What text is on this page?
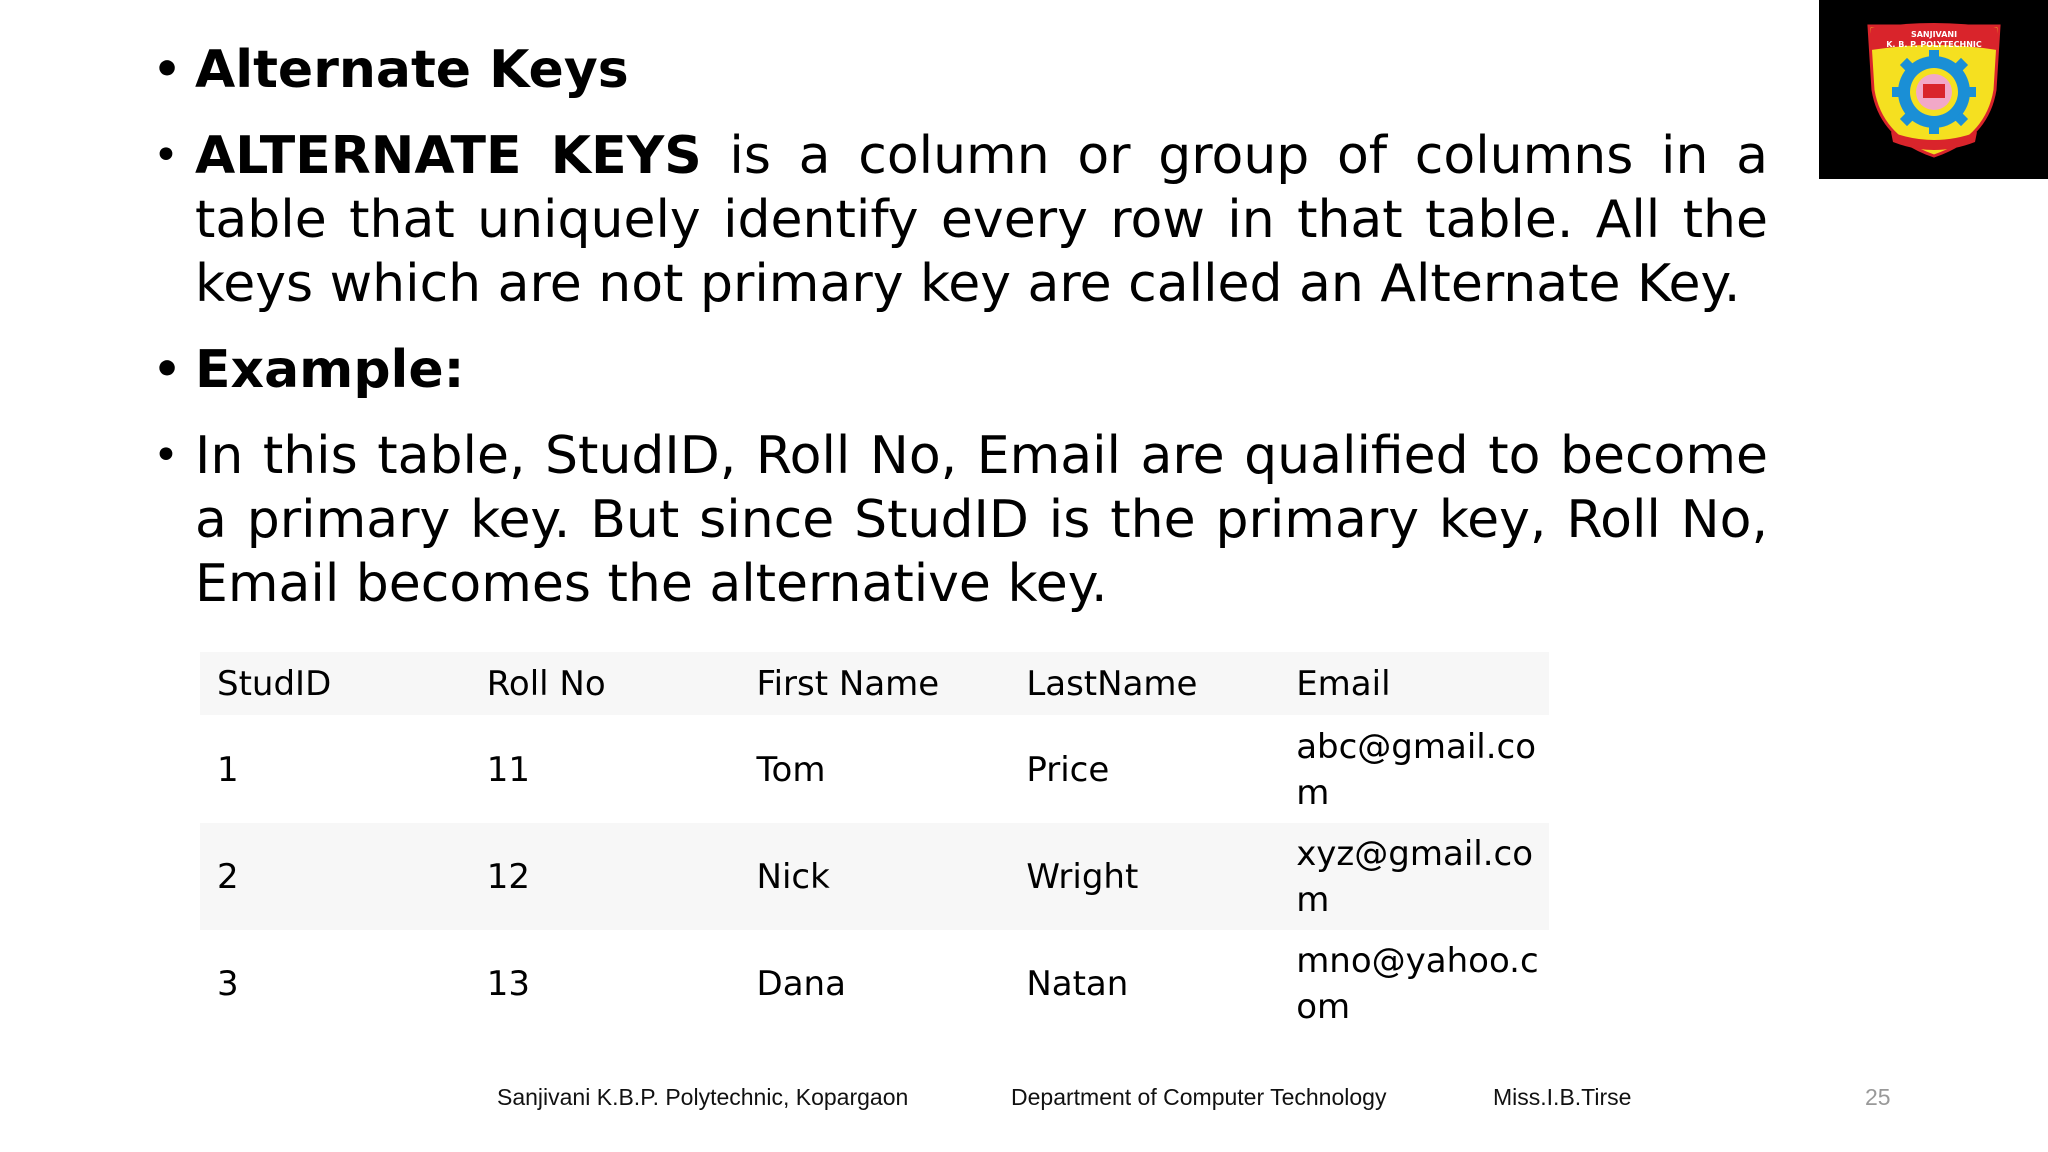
SANJIVANI
K. B. P. POLYTECHNIC
• Alternate Keys
• ALTERNATE KEYS is a column or group of columns in a table that uniquely identify every row in that table. All the keys which are not primary key are called an Alternate Key.
• Example:
• In this table, StudID, Roll No, Email are qualified to become a primary key. But since StudID is the primary key, Roll No, Email becomes the alternative key.
StudID	Roll No	First Name	LastName	Email
1	11	Tom	Price	abc@gmail.com
2	12	Nick	Wright	xyz@gmail.com
3	13	Dana	Natan	mno@yahoo.com
Sanjivani K.B.P. Polytechnic, Kopargaon	Department of Computer Technology	Miss.I.B.Tirse	25
